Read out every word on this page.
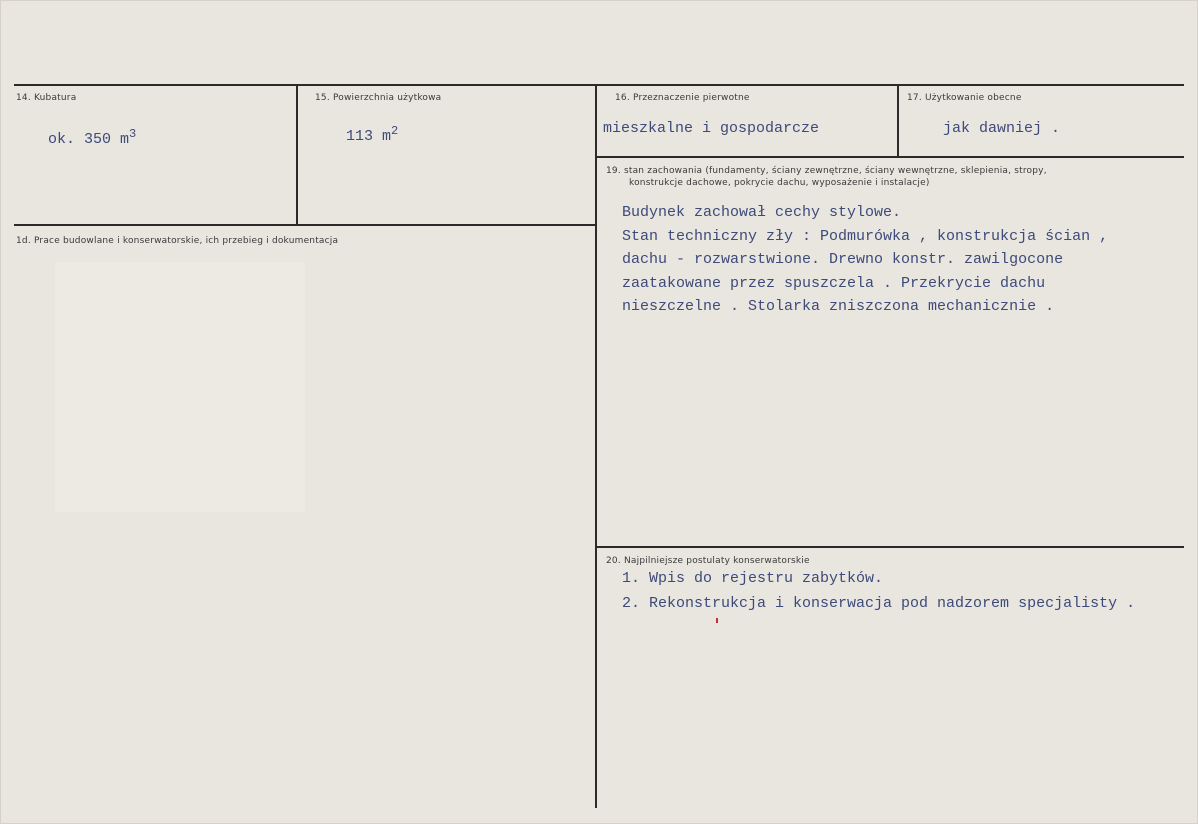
14. Kubatura
ok. 350 $m^3$
15. Powierzchnia użytkowa
113 $m^2$
16. Przeznaczenie pierwotne
mieszkalne i gospodarcze
17. Użytkowanie obecne
jak dawniej .
1d. Prace budowlane i konserwatorskie, ich przebieg i dokumentacja
19. stan zachowania (fundamenty, ściany zewnętrzne, ściany wewnętrzne, sklepienia, stropy,
konstrukcje dachowe, pokrycie dachu, wyposażenie i instalacje)
Budynek zachował cechy stylowe.
Stan techniczny zły : Podmurówka , konstrukcja ścian ,
dachu - rozwarstwione. Drewno konstr. zawilgocone
zaatakowane przez spuszczela . Przekrycie dachu
nieszczelne . Stolarka zniszczona mechanicznie .
20. Najpilniejsze postulaty konserwatorskie
1. Wpis do rejestru zabytków.
2. Rekonstrukcja i konserwacja pod nadzorem specjalisty .
